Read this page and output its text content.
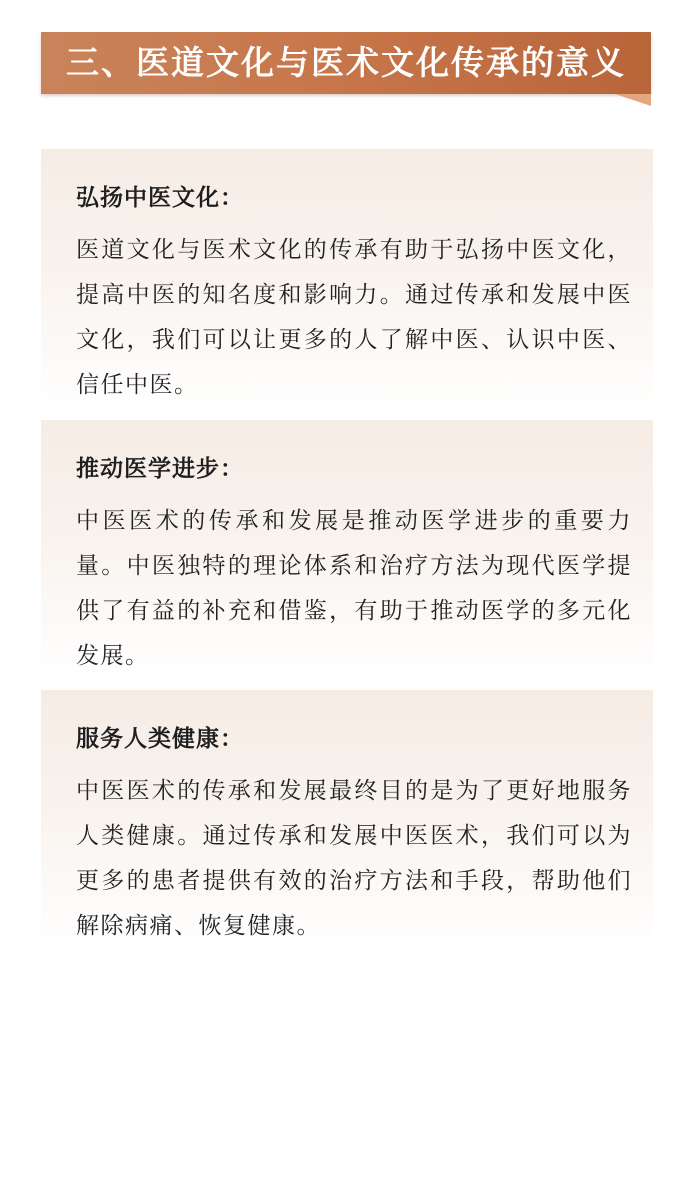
三、医道文化与医术文化传承的意义
弘扬中医文化：

医道文化与医术文化的传承有助于弘扬中医文化，提高中医的知名度和影响力。通过传承和发展中医文化，我们可以让更多的人了解中医、认识中医、信任中医。

推动医学进步：

中医医术的传承和发展是推动医学进步的重要力量。中医独特的理论体系和治疗方法为现代医学提供了有益的补充和借鉴，有助于推动医学的多元化发展。

服务人类健康：

中医医术的传承和发展最终目的是为了更好地服务人类健康。通过传承和发展中医医术，我们可以为更多的患者提供有效的治疗方法和手段，帮助他们解除病痛、恢复健康。
